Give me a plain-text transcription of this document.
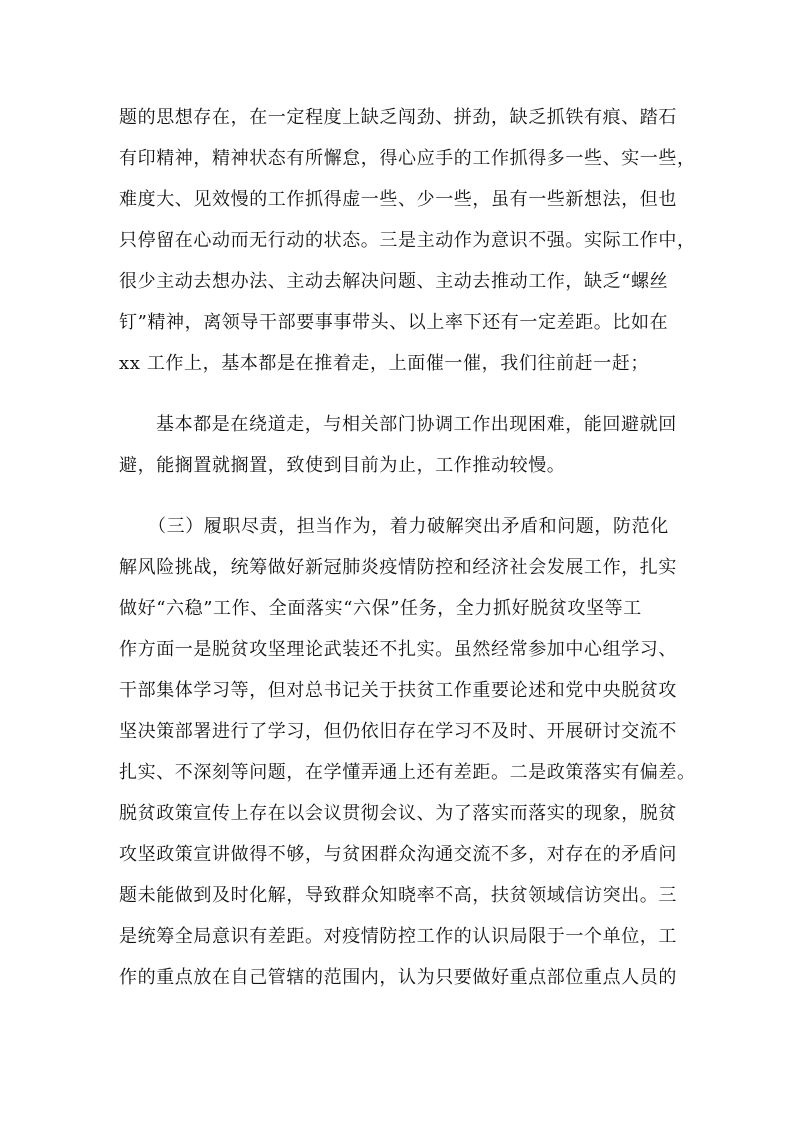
题的思想存在，在一定程度上缺乏闯劲、拼劲，缺乏抓铁有痕、踏石
有印精神，精神状态有所懈怠，得心应手的工作抓得多一些、实一些，
难度大、见效慢的工作抓得虚一些、少一些，虽有一些新想法，但也
只停留在心动而无行动的状态。三是主动作为意识不强。实际工作中，
很少主动去想办法、主动去解决问题、主动去推动工作，缺乏“螺丝
钉”精神，离领导干部要事事带头、以上率下还有一定差距。比如在
xx 工作上，基本都是在推着走，上面催一催，我们往前赶一赶；
基本都是在绕道走，与相关部门协调工作出现困难，能回避就回
避，能搁置就搁置，致使到目前为止，工作推动较慢。
（三）履职尽责，担当作为，着力破解突出矛盾和问题，防范化
解风险挑战，统筹做好新冠肺炎疫情防控和经济社会发展工作，扎实
做好“六稳”工作、全面落实“六保”任务，全力抓好脱贫攻坚等工
作方面一是脱贫攻坚理论武装还不扎实。虽然经常参加中心组学习、
干部集体学习等，但对总书记关于扶贫工作重要论述和党中央脱贫攻
坚决策部署进行了学习，但仍依旧存在学习不及时、开展研讨交流不
扎实、不深刻等问题，在学懂弄通上还有差距。二是政策落实有偏差。
脱贫政策宣传上存在以会议贯彻会议、为了落实而落实的现象，脱贫
攻坚政策宣讲做得不够，与贫困群众沟通交流不多，对存在的矛盾问
题未能做到及时化解，导致群众知晓率不高，扶贫领域信访突出。三
是统筹全局意识有差距。对疫情防控工作的认识局限于一个单位，工
作的重点放在自己管辖的范围内，认为只要做好重点部位重点人员的
